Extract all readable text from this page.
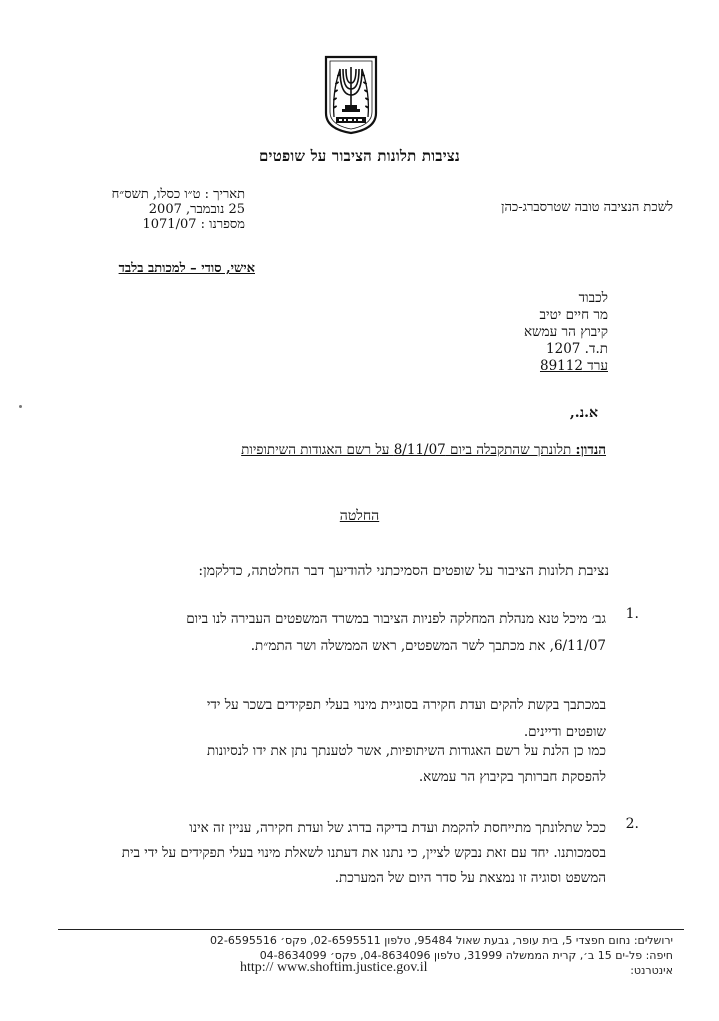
נציבות תלונות הציבור על שופטים
תאריך : ט״ו כסלו, תשס״ח
25 נובמבר, 2007
מספרנו : 1071/07
לשכת הנציבה טובה שטרסברג-כהן
אישי, סודי – למכותב בלבד
לכבוד
מר חיים יטיב
קיבוץ הר עמשא
ת.ד. 1207
ערד 89112
א.נ.,
הנדון: תלונתך שהתקבלה ביום 8/11/07 על רשם האגודות השיתופיות
החלטה
נציבת תלונות הציבור על שופטים הסמיכתני להודיעך דבר החלטתה, כדלקמן:
1.
גב׳ מיכל טנא מנהלת המחלקה לפניות הציבור במשרד המשפטים העבירה לנו ביום
6/11/07, את מכתבך לשר המשפטים, ראש הממשלה ושר התמ״ת.
במכתבך בקשת להקים ועדת חקירה בסוגיית מינוי בעלי תפקידים בשכר על ידי
שופטים ודיינים.
כמו כן הלנת על רשם האגודות השיתופיות, אשר לטענתך נתן את ידו לנסיונות
להפסקת חברותך בקיבוץ הר עמשא.
2.
ככל שתלונתך מתייחסת להקמת ועדת בדיקה בדרג של ועדת חקירה, עניין זה אינו
בסמכותנו. יחד עם זאת נבקש לציין, כי נתנו את דעתנו לשאלת מינוי בעלי תפקידים על ידי בית
המשפט וסוגיה זו נמצאת על סדר היום של המערכת.
ירושלים: נחום חפצדי 5, בית עופר, גבעת שאול 95484, טלפון 02-6595511, פקס׳ 02-6595516
חיפה: פל-ים 15 ב׳, קרית הממשלה 31999, טלפון 04-8634096, פקס׳ 04-8634099
אינטרנט:
http:// www.shoftim.justice.gov.il
